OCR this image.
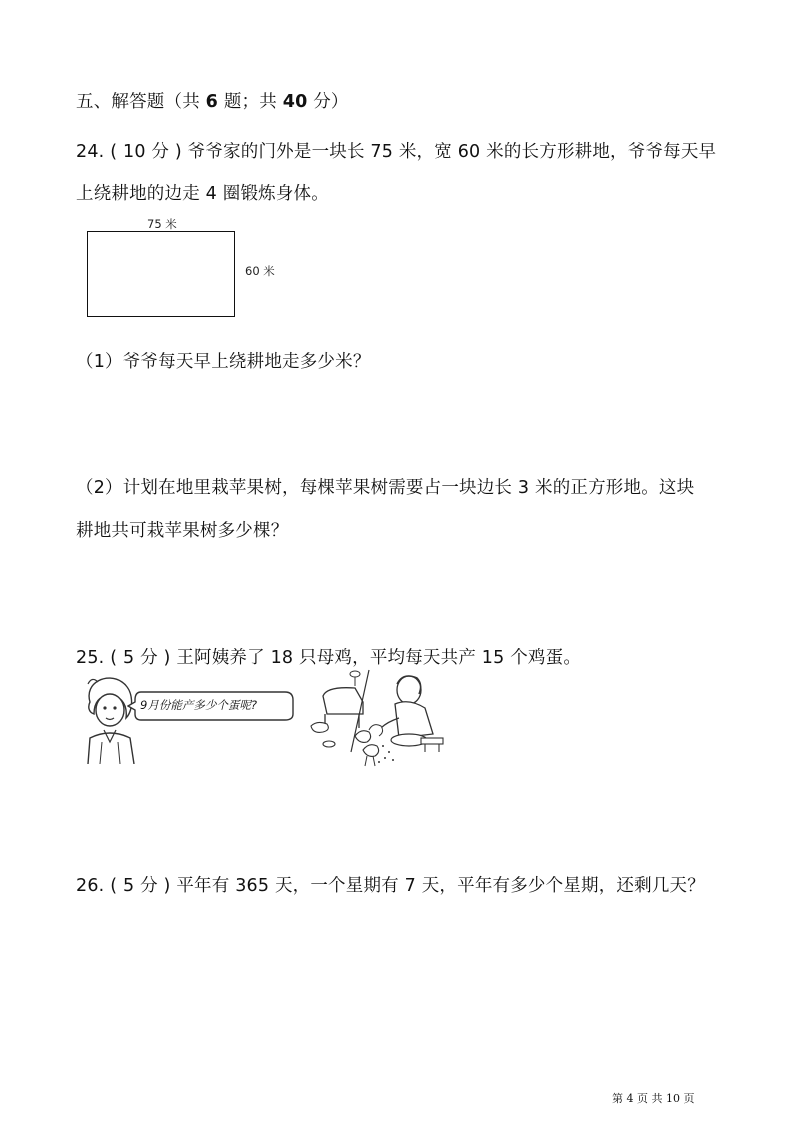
五、解答题（共 6 题；共 40 分）
24. ( 10 分 ) 爷爷家的门外是一块长 75 米，宽 60 米的长方形耕地，爷爷每天早
上绕耕地的边走 4 圈锻炼身体。
75 米
60 米
（1）爷爷每天早上绕耕地走多少米？
（2）计划在地里栽苹果树，每棵苹果树需要占一块边长 3 米的正方形地。这块
耕地共可栽苹果树多少棵？
25. ( 5 分 ) 王阿姨养了 18 只母鸡，平均每天共产 15 个鸡蛋。
9月份能产多少个蛋呢?
26. ( 5 分 ) 平年有 365 天，一个星期有 7 天，平年有多少个星期，还剩几天？
第 4 页 共 10 页
